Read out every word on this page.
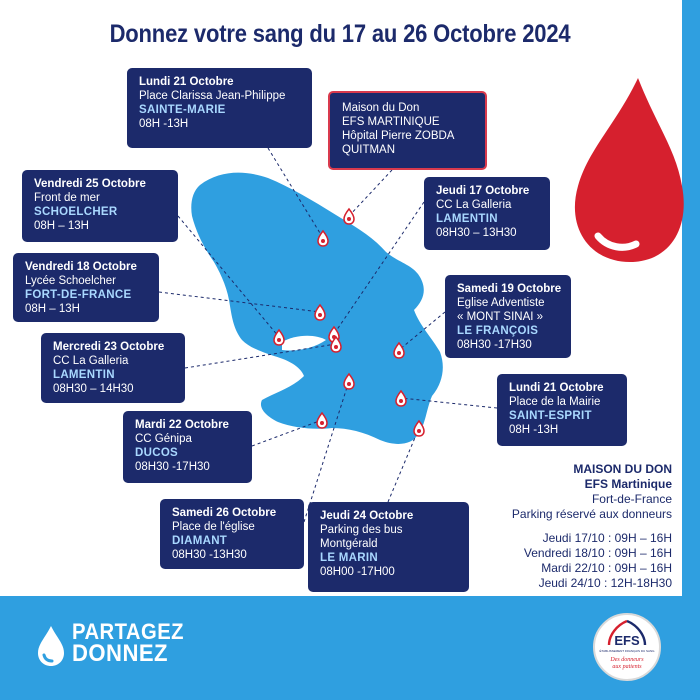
Donnez votre sang du 17 au 26 Octobre 2024
Lundi 21 Octobre
Place Clarissa Jean-Philippe
SAINTE-MARIE
08H -13H
Maison du Don
EFS MARTINIQUE
Hôpital Pierre ZOBDA
QUITMAN
Vendredi 25 Octobre
Front de mer
SCHOELCHER
08H – 13H
Jeudi 17 Octobre
CC La Galleria
LAMENTIN
08H30 – 13H30
Vendredi 18 Octobre
Lycée Schoelcher
FORT-DE-FRANCE
08H – 13H
Samedi 19 Octobre
Eglise Adventiste
« MONT SINAI »
LE FRANÇOIS
08H30 -17H30
Mercredi 23 Octobre
CC La Galleria
LAMENTIN
08H30 – 14H30	Lundi 21 Octobre
Place de la Mairie
SAINT-ESPRIT
08H -13H
Mardi 22 Octobre
CC Génipa
DUCOS
08H30 -17H30
Samedi 26 Octobre
Place de l'église
DIAMANT
08H30 -13H30
Jeudi 24 Octobre
Parking des bus
Montgérald
LE MARIN
08H00 -17H00
MAISON DU DON
EFS Martinique
Fort-de-France
Parking réservé aux donneurs
Jeudi 17/10 : 09H – 16H
Vendredi 18/10 : 09H – 16H
Mardi 22/10 : 09H – 16H
Jeudi 24/10 : 12H-18H30
PARTAGEZ
DONNEZ	EFS
ÉTABLISSEMENT FRANÇAIS DU SANG
Des donneurs
aux patients
